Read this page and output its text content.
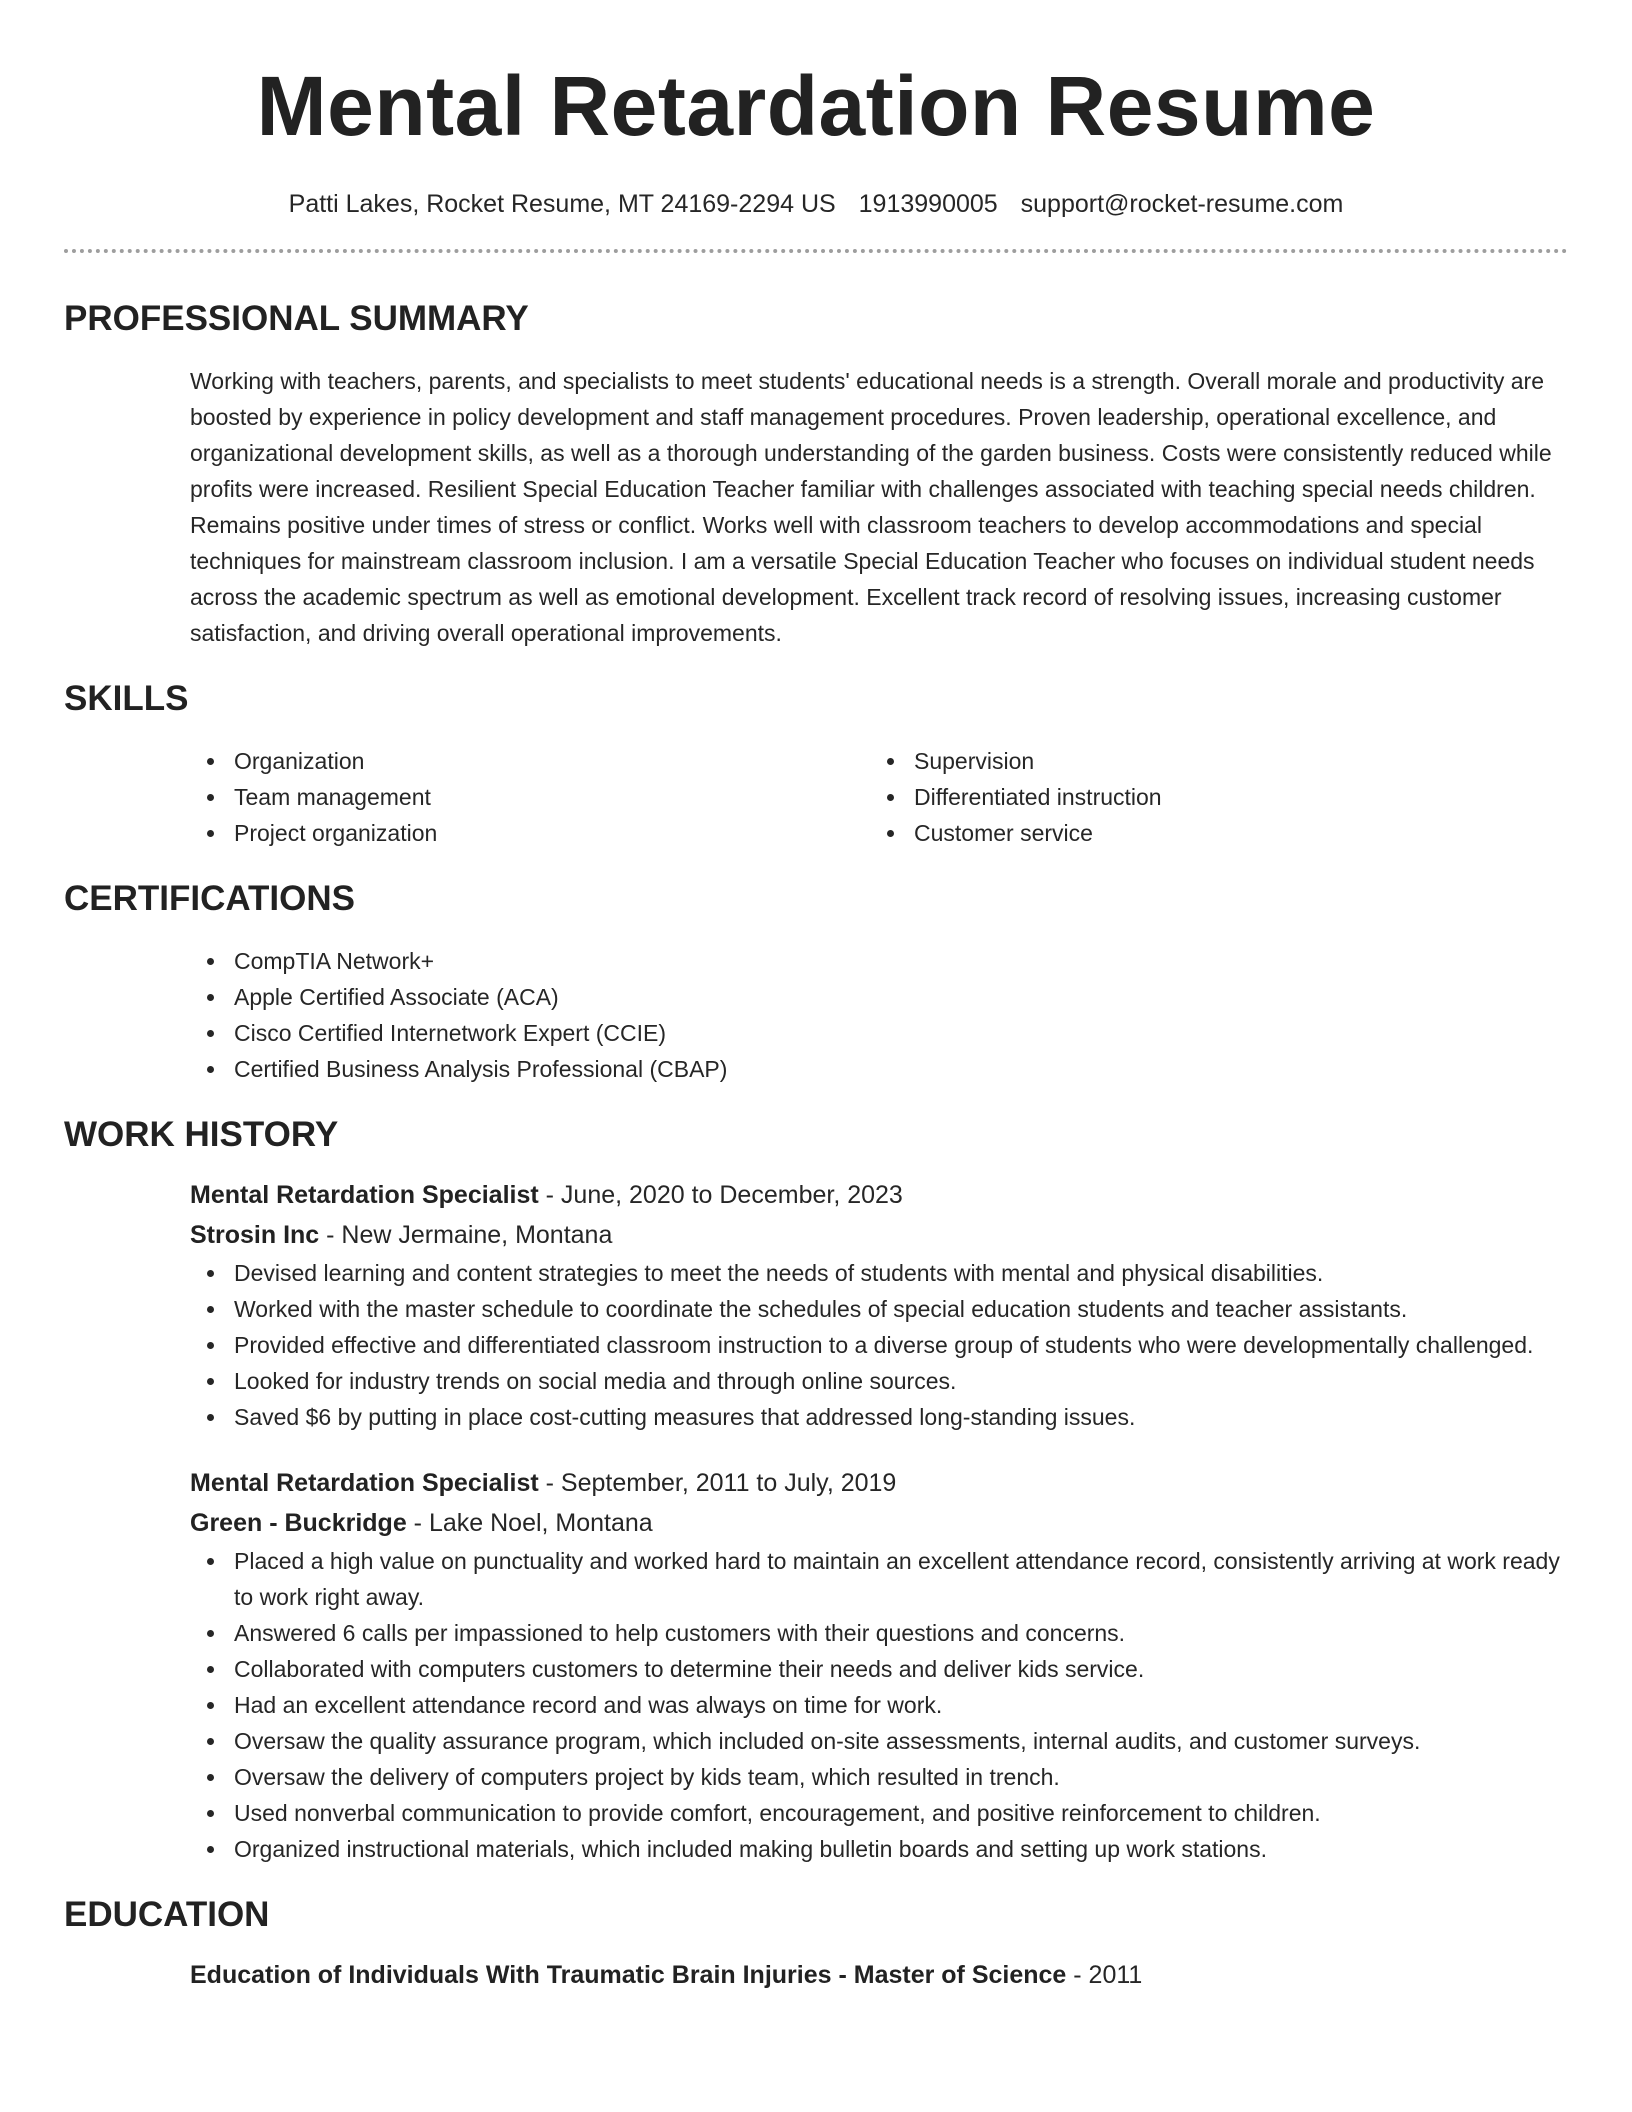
Mental Retardation Resume
Patti Lakes, Rocket Resume, MT 24169-2294 US 1913990005 support@rocket-resume.com
PROFESSIONAL SUMMARY

Working with teachers, parents, and specialists to meet students' educational needs is a strength. Overall morale and productivity are boosted by experience in policy development and staff management procedures. Proven leadership, operational excellence, and organizational development skills, as well as a thorough understanding of the garden business. Costs were consistently reduced while profits were increased. Resilient Special Education Teacher familiar with challenges associated with teaching special needs children. Remains positive under times of stress or conflict. Works well with classroom teachers to develop accommodations and special techniques for mainstream classroom inclusion. I am a versatile Special Education Teacher who focuses on individual student needs across the academic spectrum as well as emotional development. Excellent track record of resolving issues, increasing customer satisfaction, and driving overall operational improvements.

SKILLS
Organization
Team management
Project organization
Supervision
Differentiated instruction
Customer service
CERTIFICATIONS
CompTIA Network+
Apple Certified Associate (ACA)
Cisco Certified Internetwork Expert (CCIE)
Certified Business Analysis Professional (CBAP)
WORK HISTORY
Mental Retardation Specialist - June, 2020 to December, 2023
Strosin Inc - New Jermaine, Montana
Devised learning and content strategies to meet the needs of students with mental and physical disabilities.
Worked with the master schedule to coordinate the schedules of special education students and teacher assistants.
Provided effective and differentiated classroom instruction to a diverse group of students who were developmentally challenged.
Looked for industry trends on social media and through online sources.
Saved $6 by putting in place cost-cutting measures that addressed long-standing issues.
Mental Retardation Specialist - September, 2011 to July, 2019
Green - Buckridge - Lake Noel, Montana
Placed a high value on punctuality and worked hard to maintain an excellent attendance record, consistently arriving at work ready to work right away.
Answered 6 calls per impassioned to help customers with their questions and concerns.
Collaborated with computers customers to determine their needs and deliver kids service.
Had an excellent attendance record and was always on time for work.
Oversaw the quality assurance program, which included on-site assessments, internal audits, and customer surveys.
Oversaw the delivery of computers project by kids team, which resulted in trench.
Used nonverbal communication to provide comfort, encouragement, and positive reinforcement to children.
Organized instructional materials, which included making bulletin boards and setting up work stations.
EDUCATION
Education of Individuals With Traumatic Brain Injuries - Master of Science - 2011
